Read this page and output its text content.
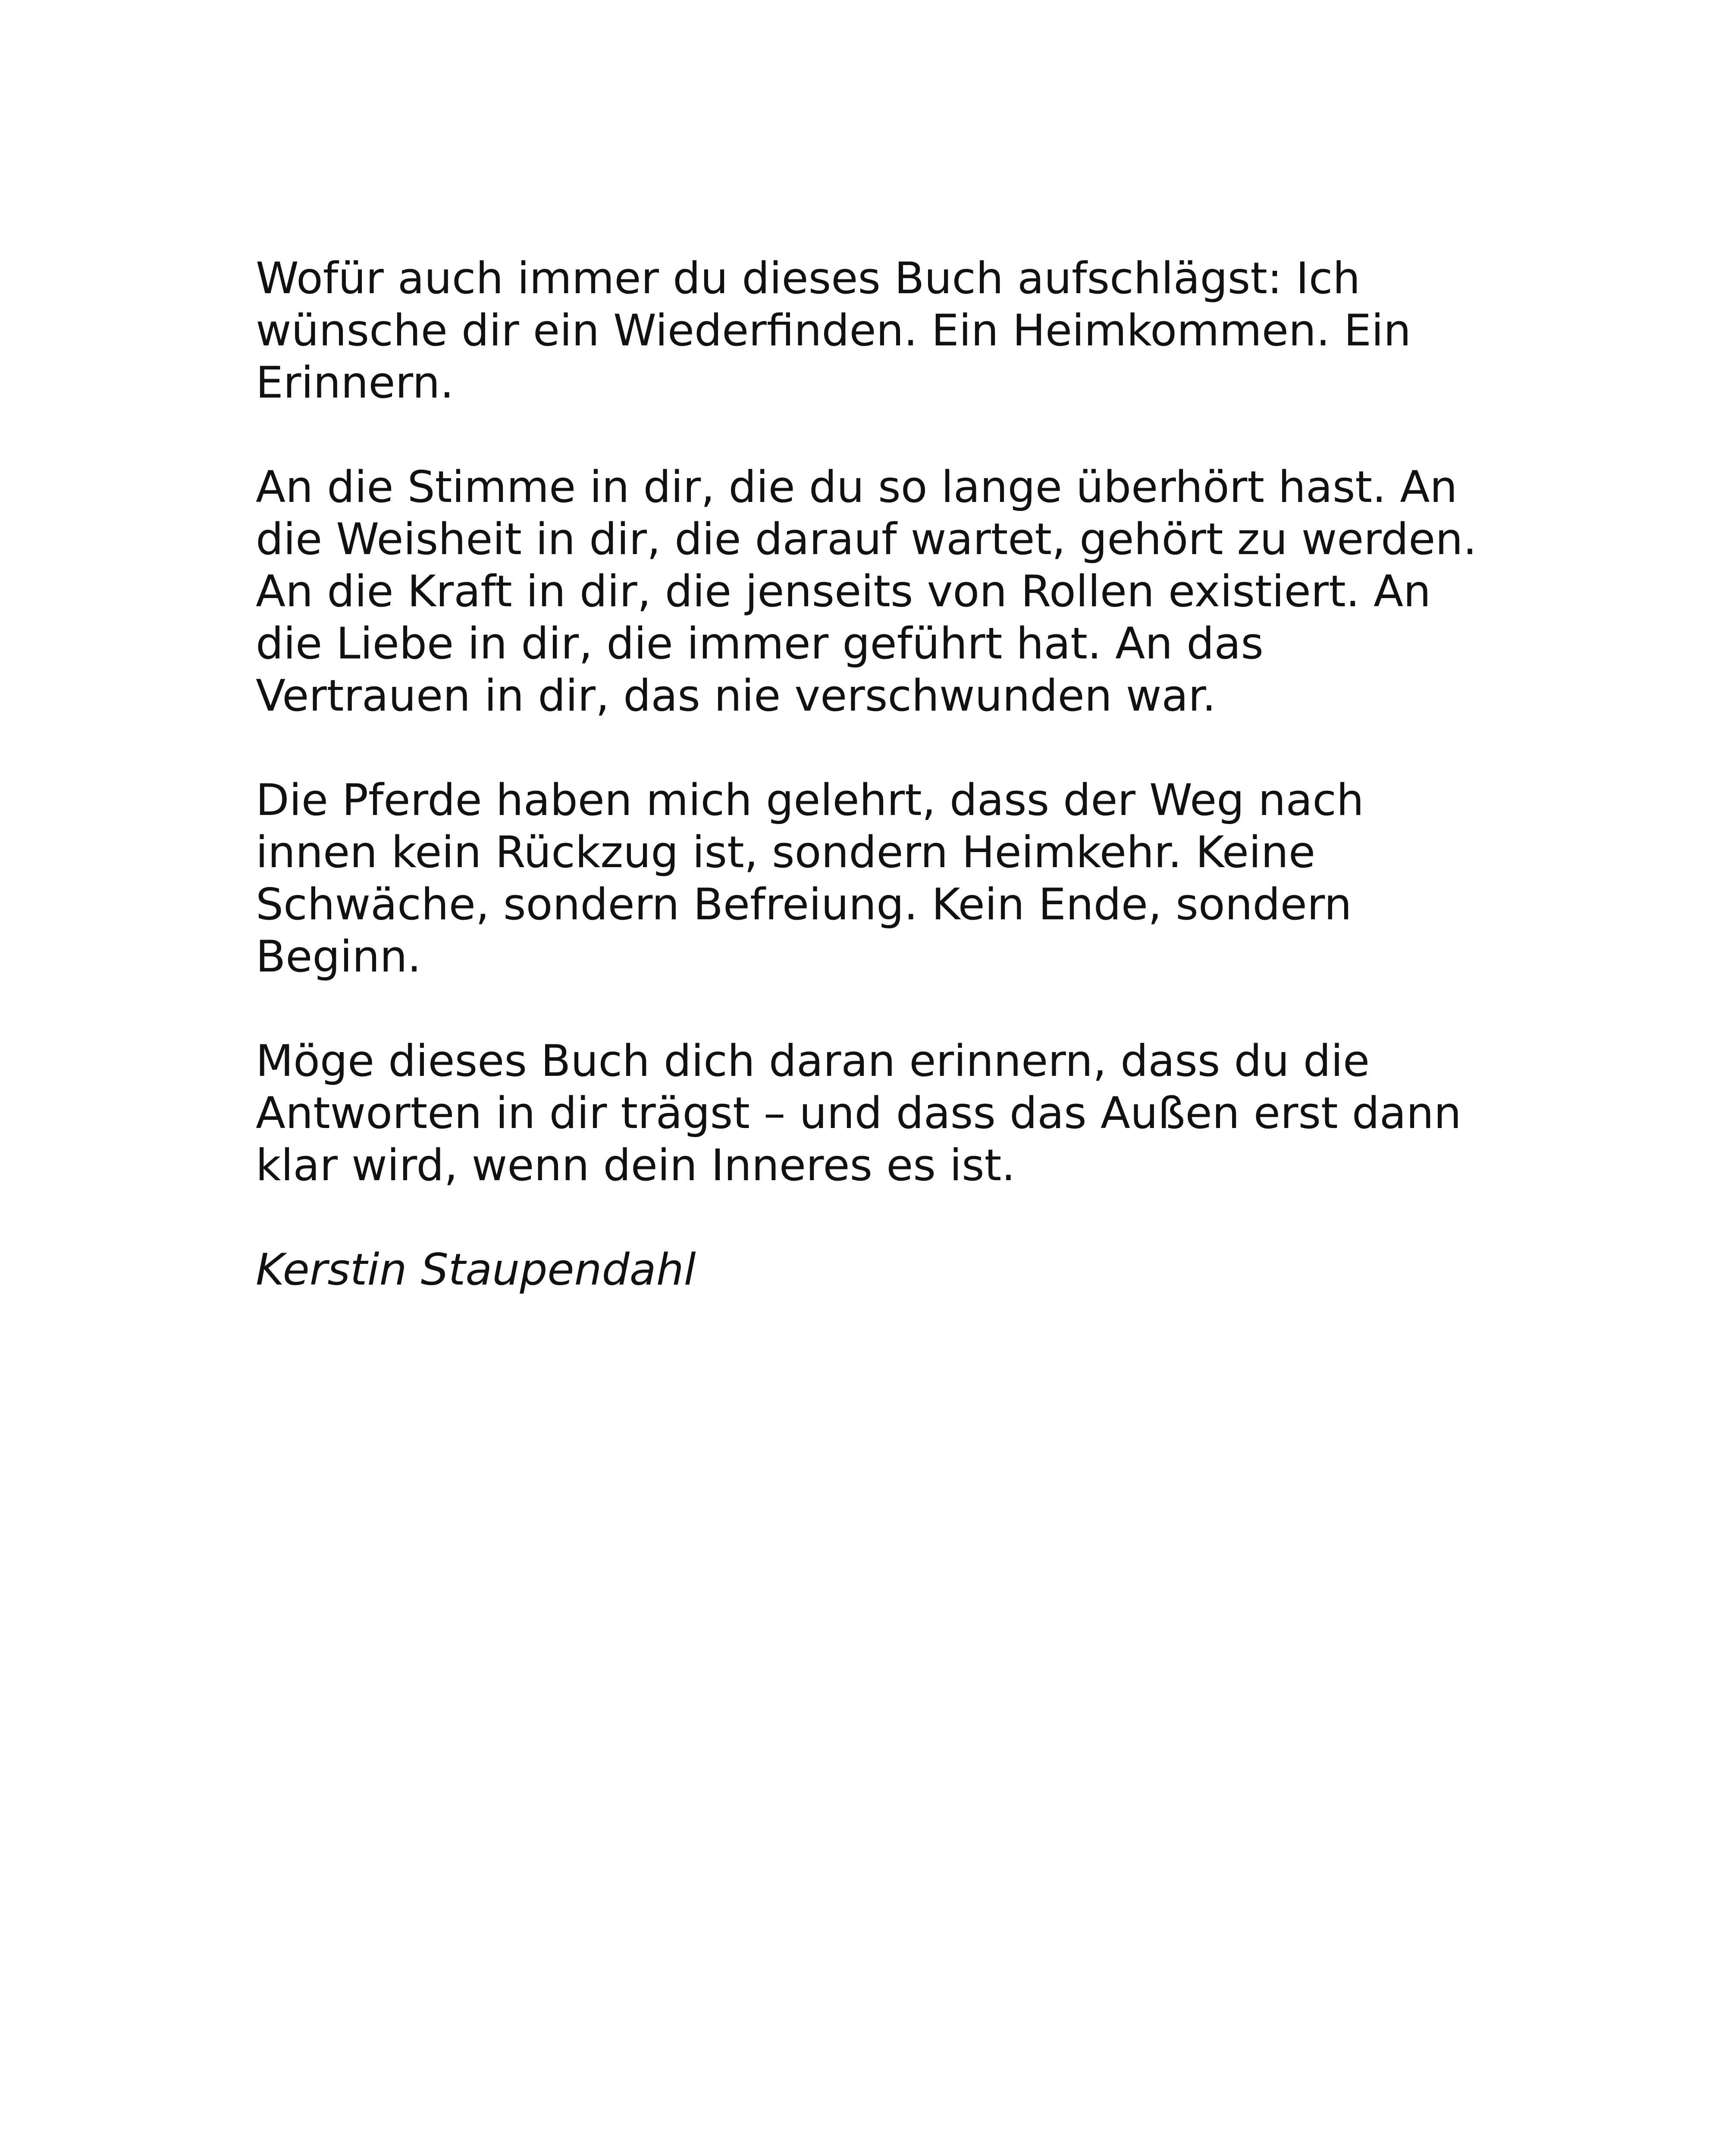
Wofür auch immer du dieses Buch aufschlägst: Ich
wünsche dir ein Wiederfinden. Ein Heimkommen. Ein
Erinnern.
An die Stimme in dir, die du so lange überhört hast. An
die Weisheit in dir, die darauf wartet, gehört zu werden.
An die Kraft in dir, die jenseits von Rollen existiert. An
die Liebe in dir, die immer geführt hat. An das
Vertrauen in dir, das nie verschwunden war.
Die Pferde haben mich gelehrt, dass der Weg nach
innen kein Rückzug ist, sondern Heimkehr. Keine
Schwäche, sondern Befreiung. Kein Ende, sondern
Beginn.
Möge dieses Buch dich daran erinnern, dass du die
Antworten in dir trägst – und dass das Außen erst dann
klar wird, wenn dein Inneres es ist.
Kerstin Staupendahl
